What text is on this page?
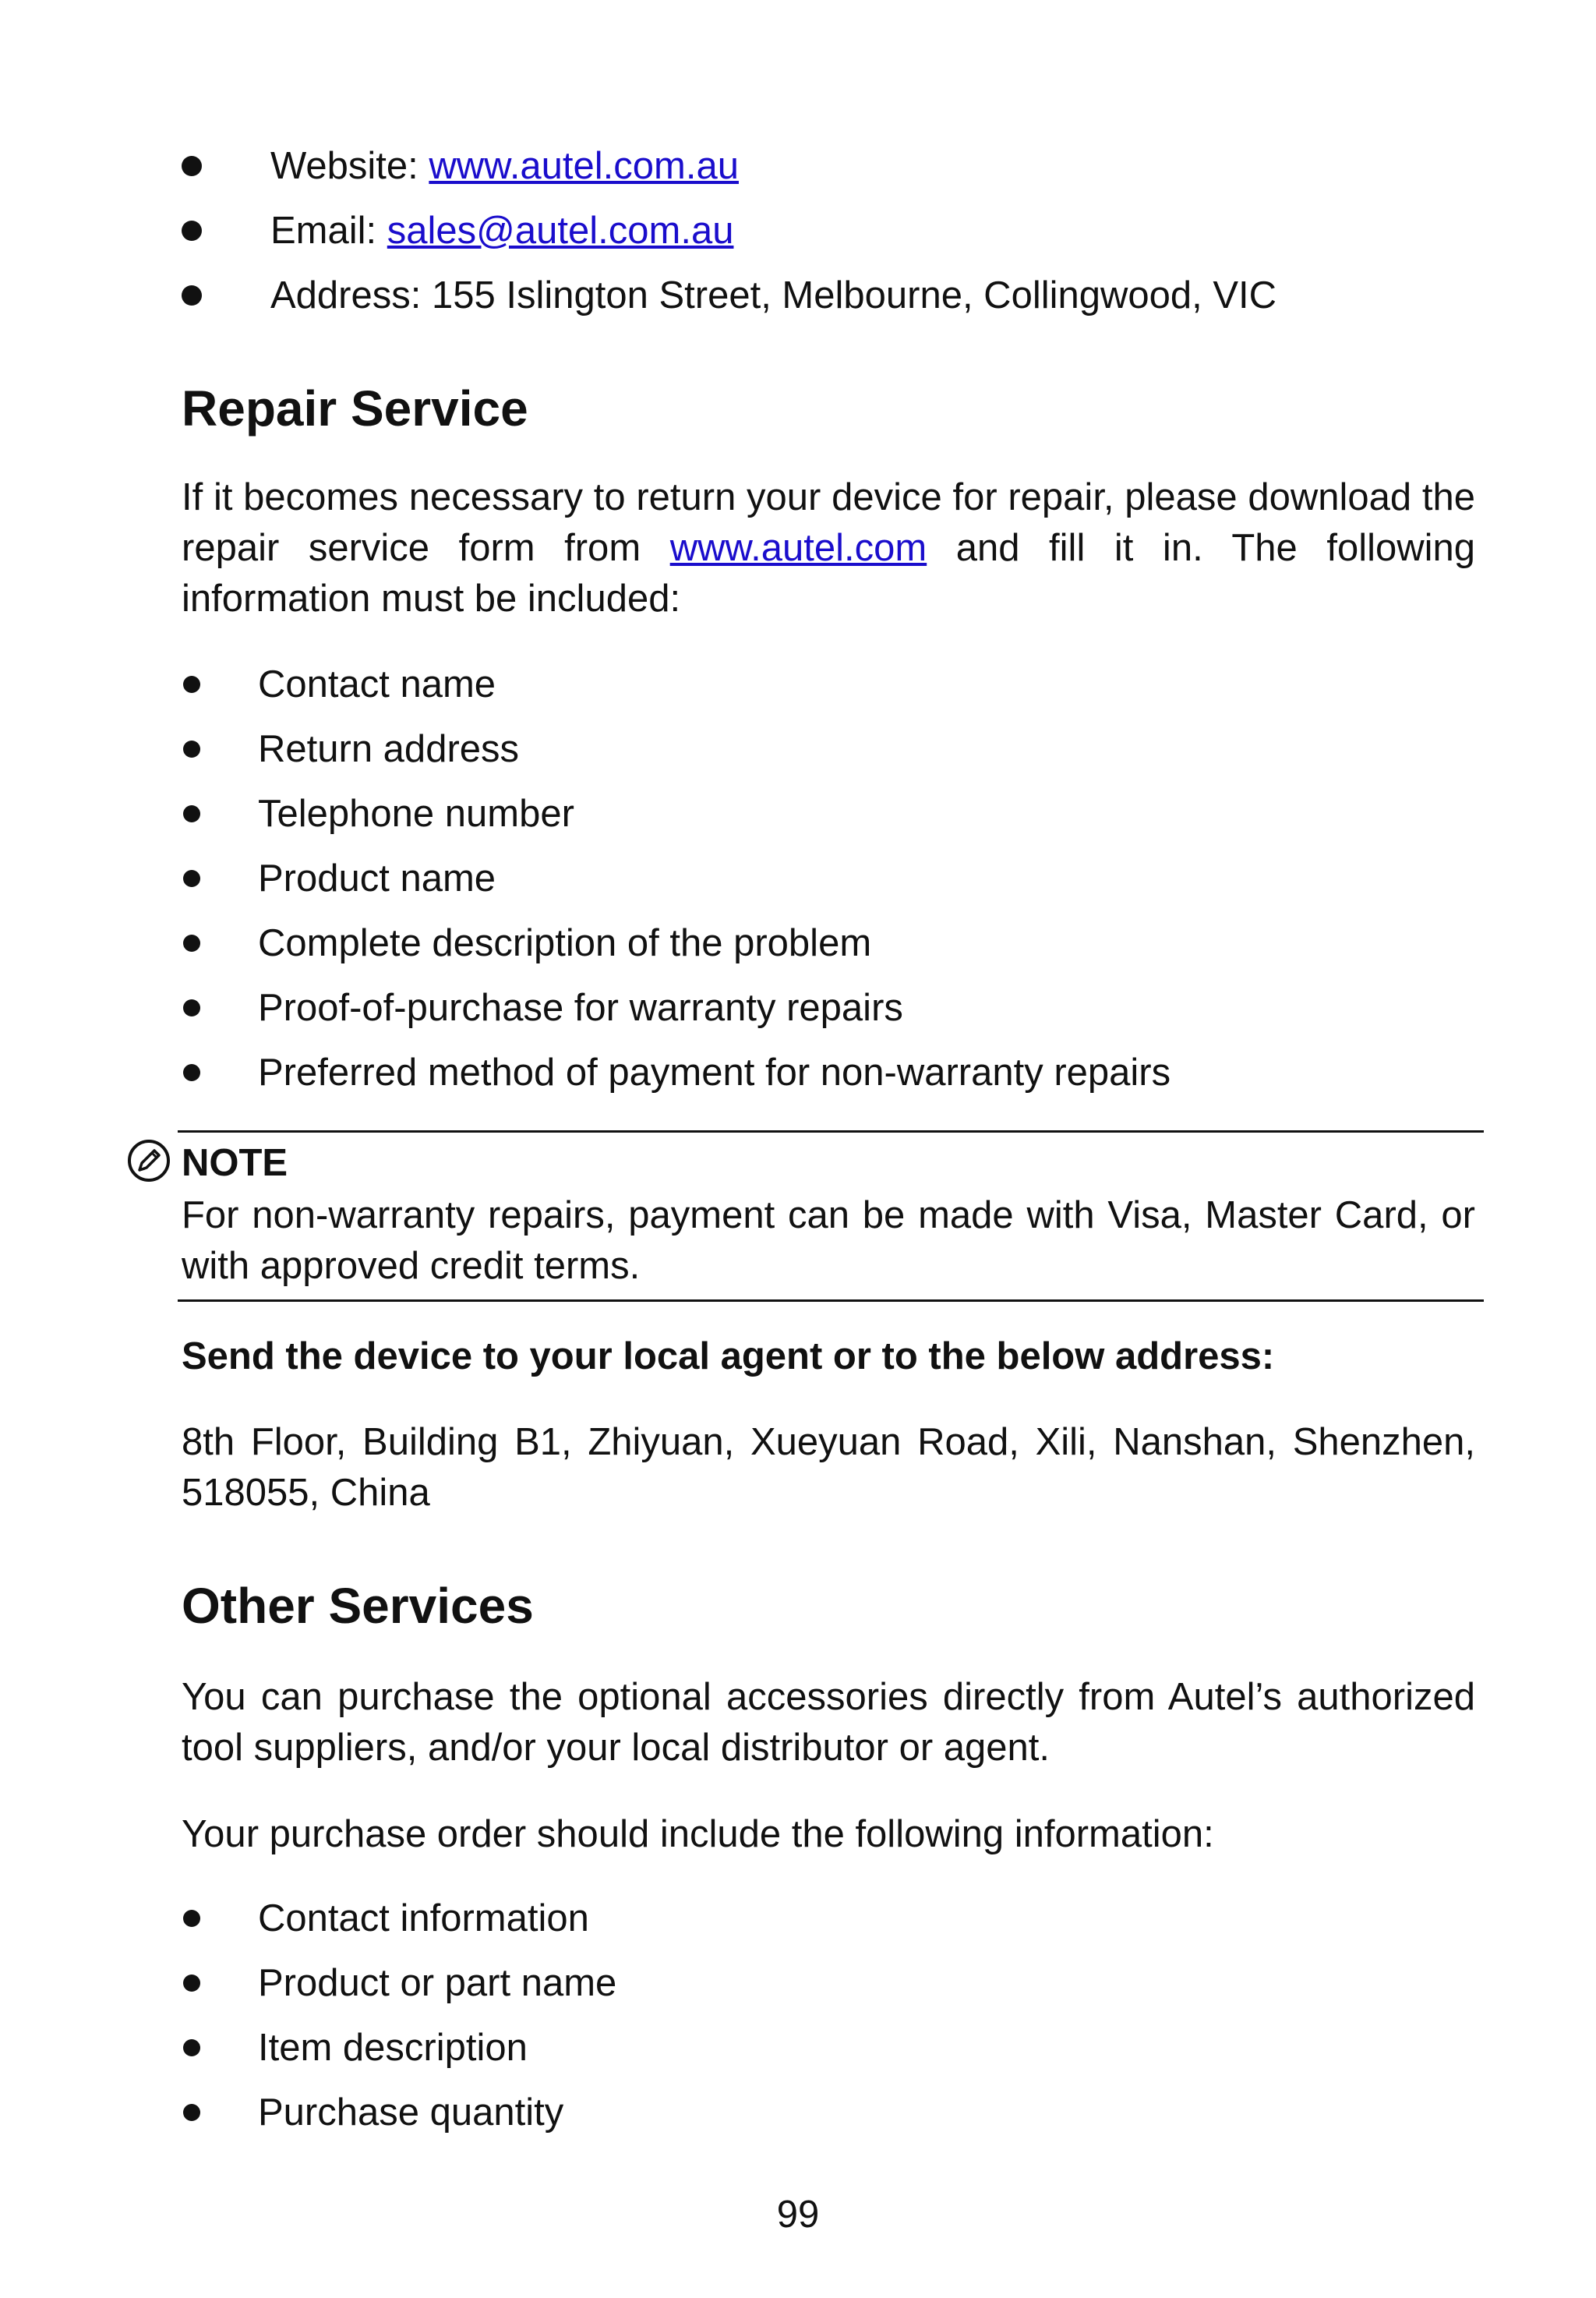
Website: www.autel.com.au
Email: sales@autel.com.au
Address: 155 Islington Street, Melbourne, Collingwood, VIC
Repair Service

If it becomes necessary to return your device for repair, please download the repair service form from www.autel.com and fill it in. The following information must be included:

Contact name
Return address
Telephone number
Product name
Complete description of the problem
Proof-of-purchase for warranty repairs
Preferred method of payment for non-warranty repairs

NOTE

For non-warranty repairs, payment can be made with Visa, Master Card, or with approved credit terms.

Send the device to your local agent or to the below address:

8th Floor, Building B1, Zhiyuan, Xueyuan Road, Xili, Nanshan, Shenzhen, 518055, China

Other Services

You can purchase the optional accessories directly from Autel’s authorized tool suppliers, and/or your local distributor or agent.

Your purchase order should include the following information:

Contact information
Product or part name
Item description
Purchase quantity

99
